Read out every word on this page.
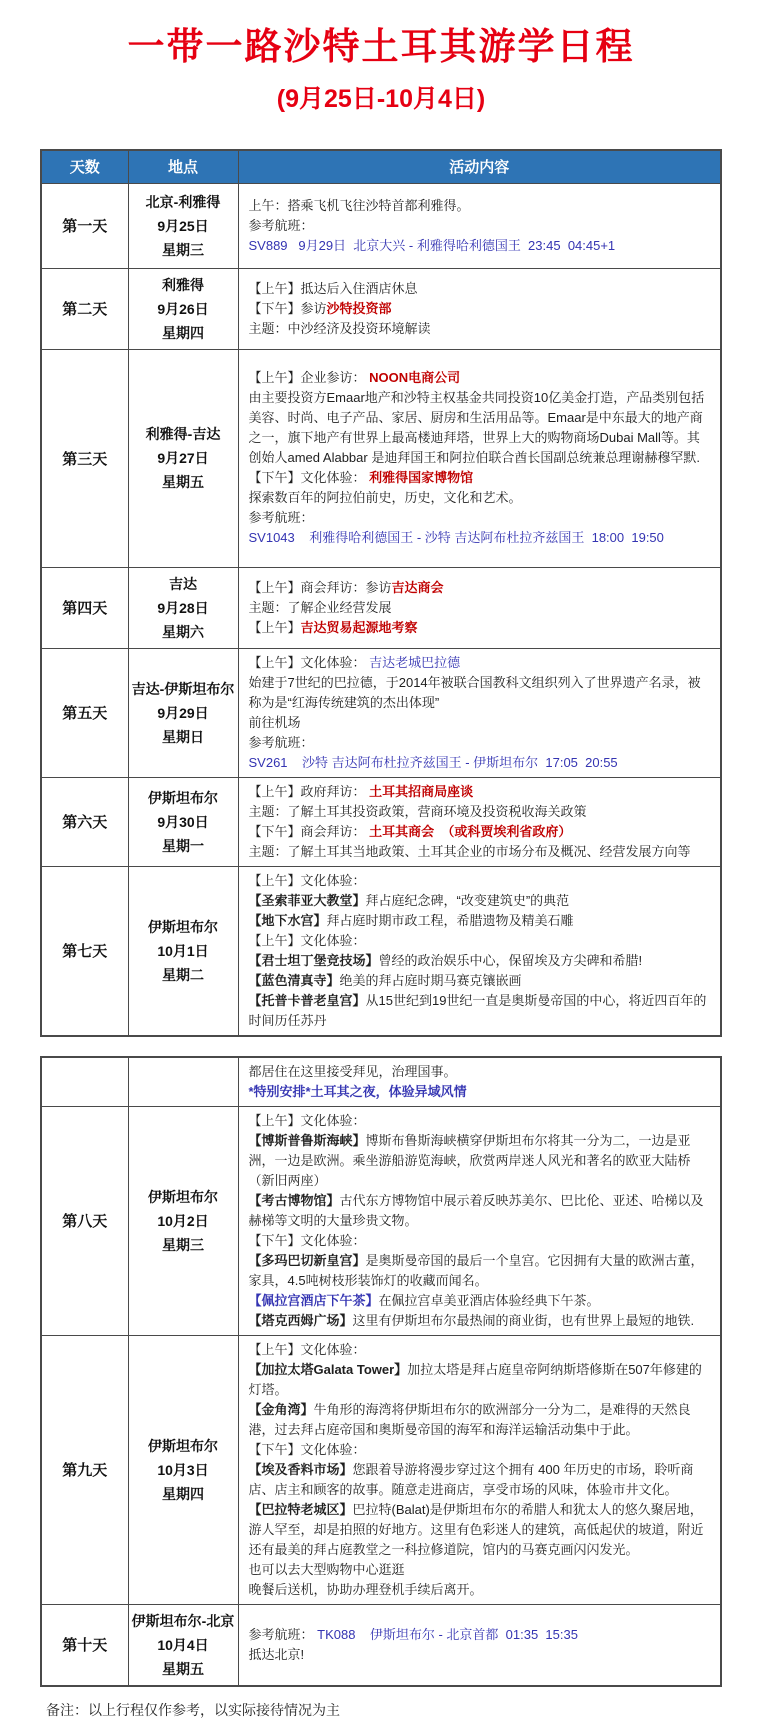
一带一路沙特土耳其游学日程
(9月25日-10月4日)
天数	地点	活动内容
第一天	
北京-利雅得
9月25日
星期三

上午：搭乘飞机飞往沙特首都利雅得。
参考航班：
SV889   9月29日  北京大兴 - 利雅得哈利德国王  23:45  04:45+1

第二天	
利雅得
9月26日
星期四

【上午】抵达后入住酒店休息
【下午】参访沙特投资部
主题：中沙经济及投资环境解读

第三天	
利雅得-吉达
9月27日
星期五

【上午】企业参访： NOON电商公司
由主要投资方Emaar地产和沙特主权基金共同投资10亿美金打造，产品类别包括美容、时尚、电子产品、家居、厨房和生活用品等。Emaar是中东最大的地产商之一，旗下地产有世界上最高楼迪拜塔，世界上大的购物商场Dubai Mall等。其创始人amed Alabbar 是迪拜国王和阿拉伯联合酋长国副总统兼总理谢赫穆罕默.
【下午】文化体验： 利雅得国家博物馆
探索数百年的阿拉伯前史，历史，文化和艺术。
参考航班：
SV1043    利雅得哈利德国王 - 沙特 吉达阿布杜拉齐兹国王  18:00  19:50

第四天	
吉达
9月28日
星期六

【上午】商会拜访：参访吉达商会
主题：了解企业经营发展
【上午】吉达贸易起源地考察

第五天	
吉达-伊斯坦布尔
9月29日
星期日

【上午】文化体验： 吉达老城巴拉德
始建于7世纪的巴拉德，于2014年被联合国教科文组织列入了世界遗产名录，被称为是“红海传统建筑的杰出体现”
前往机场
参考航班：
SV261    沙特 吉达阿布杜拉齐兹国王 - 伊斯坦布尔  17:05  20:55

第六天	
伊斯坦布尔
9月30日
星期一

【上午】政府拜访： 土耳其招商局座谈
主题：了解土耳其投资政策，营商环境及投资税收海关政策
【下午】商会拜访： 土耳其商会  （或科贾埃利省政府）
主题：了解土耳其当地政策、土耳其企业的市场分布及概况、经营发展方向等

第七天	
伊斯坦布尔
10月1日
星期二

【上午】文化体验：
【圣索菲亚大教堂】拜占庭纪念碑，“改变建筑史”的典范
【地下水宫】拜占庭时期市政工程，希腊遗物及精美石雕
【上午】文化体验：
【君士坦丁堡竞技场】曾经的政治娱乐中心，保留埃及方尖碑和希腊!
【蓝色清真寺】绝美的拜占庭时期马赛克镶嵌画
【托普卡普老皇宫】从15世纪到19世纪一直是奥斯曼帝国的中心，将近四百年的时间历任苏丹

		都居住在这里接受拜见，治理国事。
*特别安排*土耳其之夜，体验异域风情

第八天	
伊斯坦布尔
10月2日
星期三

【上午】文化体验：
【博斯普鲁斯海峡】博斯布鲁斯海峡横穿伊斯坦布尔将其一分为二，一边是亚洲，一边是欧洲。乘坐游船游览海峡，欣赏两岸迷人风光和著名的欧亚大陆桥（新旧两座）
【考古博物馆】古代东方博物馆中展示着反映苏美尔、巴比伦、亚述、哈梯以及赫梯等文明的大量珍贵文物。
【下午】文化体验：
【多玛巴切新皇宫】是奥斯曼帝国的最后一个皇宫。它因拥有大量的欧洲古董，家具，4.5吨树枝形装饰灯的收藏而闻名。
【佩拉宫酒店下午茶】在佩拉宫卓美亚酒店体验经典下午茶。
【塔克西姆广场】这里有伊斯坦布尔最热闹的商业街，也有世界上最短的地铁.

第九天	
伊斯坦布尔
10月3日
星期四

【上午】文化体验：
【加拉太塔Galata Tower】加拉太塔是拜占庭皇帝阿纳斯塔修斯在507年修建的灯塔。
【金角湾】牛角形的海湾将伊斯坦布尔的欧洲部分一分为二，是难得的天然良港，过去拜占庭帝国和奥斯曼帝国的海军和海洋运输活动集中于此。
【下午】文化体验：
【埃及香料市场】您跟着导游将漫步穿过这个拥有 400 年历史的市场，聆听商店、店主和顾客的故事。随意走进商店，享受市场的风味，体验市井文化。
【巴拉特老城区】巴拉特(Balat)是伊斯坦布尔的希腊人和犹太人的悠久聚居地，游人罕至，却是拍照的好地方。这里有色彩迷人的建筑，高低起伏的坡道，附近还有最美的拜占庭教堂之一科拉修道院，馆内的马赛克画闪闪发光。
也可以去大型购物中心逛逛
晚餐后送机，协助办理登机手续后离开。

第十天	
伊斯坦布尔-北京
10月4日
星期五

参考航班： TK088    伊斯坦布尔 - 北京首都  01:35  15:35
抵达北京!
备注：以上行程仅作参考，以实际接待情况为主
